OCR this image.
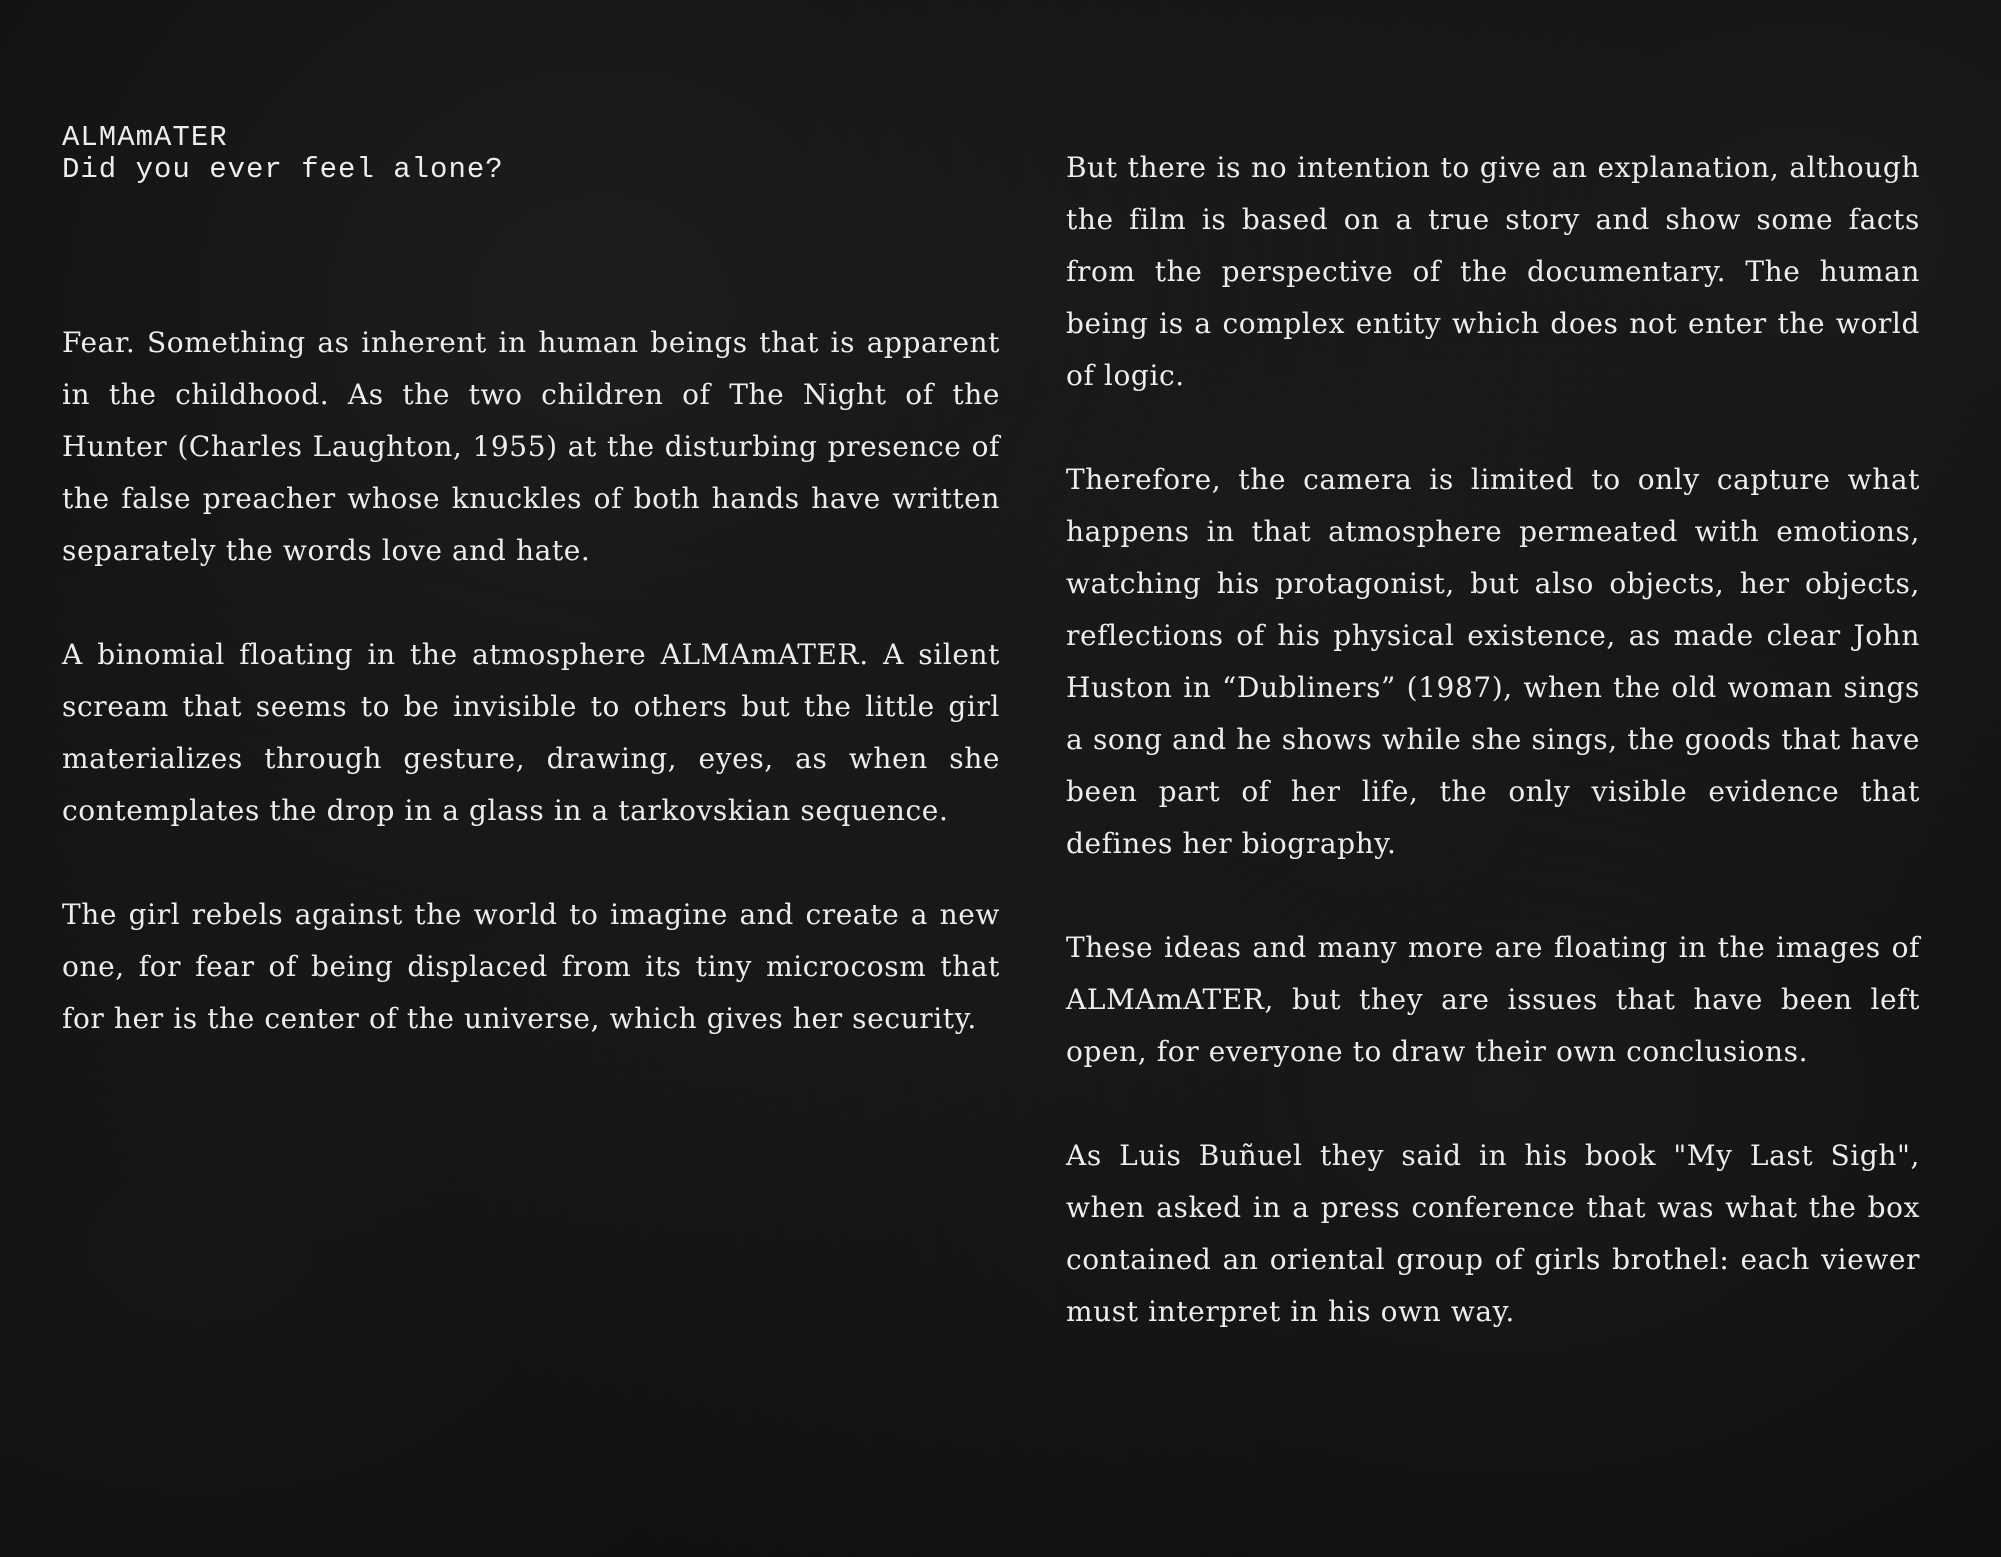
ALMAmATER
Did you ever feel alone?

Fear. Something as inherent in human beings that is apparent in the childhood. As the two children of The Night of the Hunter (Charles Laughton, 1955) at the disturbing presence of the false preacher whose knuckles of both hands have written separately the words love and hate.

A binomial floating in the atmosphere ALMAmATER. A silent scream that seems to be invisible to others but the little girl materializes through gesture, drawing, eyes, as when she contemplates the drop in a glass in a tarkovskian sequence.

The girl rebels against the world to imagine and create a new one, for fear of being displaced from its tiny microcosm that for her is the center of the universe, which gives her security.

But there is no intention to give an explanation, although the film is based on a true story and show some facts from the perspective of the documentary. The human being is a complex entity which does not enter the world of logic.

Therefore, the camera is limited to only capture what happens in that atmosphere permeated with emotions, watching his protagonist, but also objects, her objects, reflections of his physical existence, as made clear John Huston in “Dubliners” (1987), when the old woman sings a song and he shows while she sings, the goods that have been part of her life, the only visible evidence that defines her biography.

These ideas and many more are floating in the images of ALMAmATER, but they are issues that have been left open, for everyone to draw their own conclusions.

As Luis Buñuel they said in his book "My Last Sigh", when asked in a press conference that was what the box contained an oriental group of girls brothel: each viewer must interpret in his own way.
